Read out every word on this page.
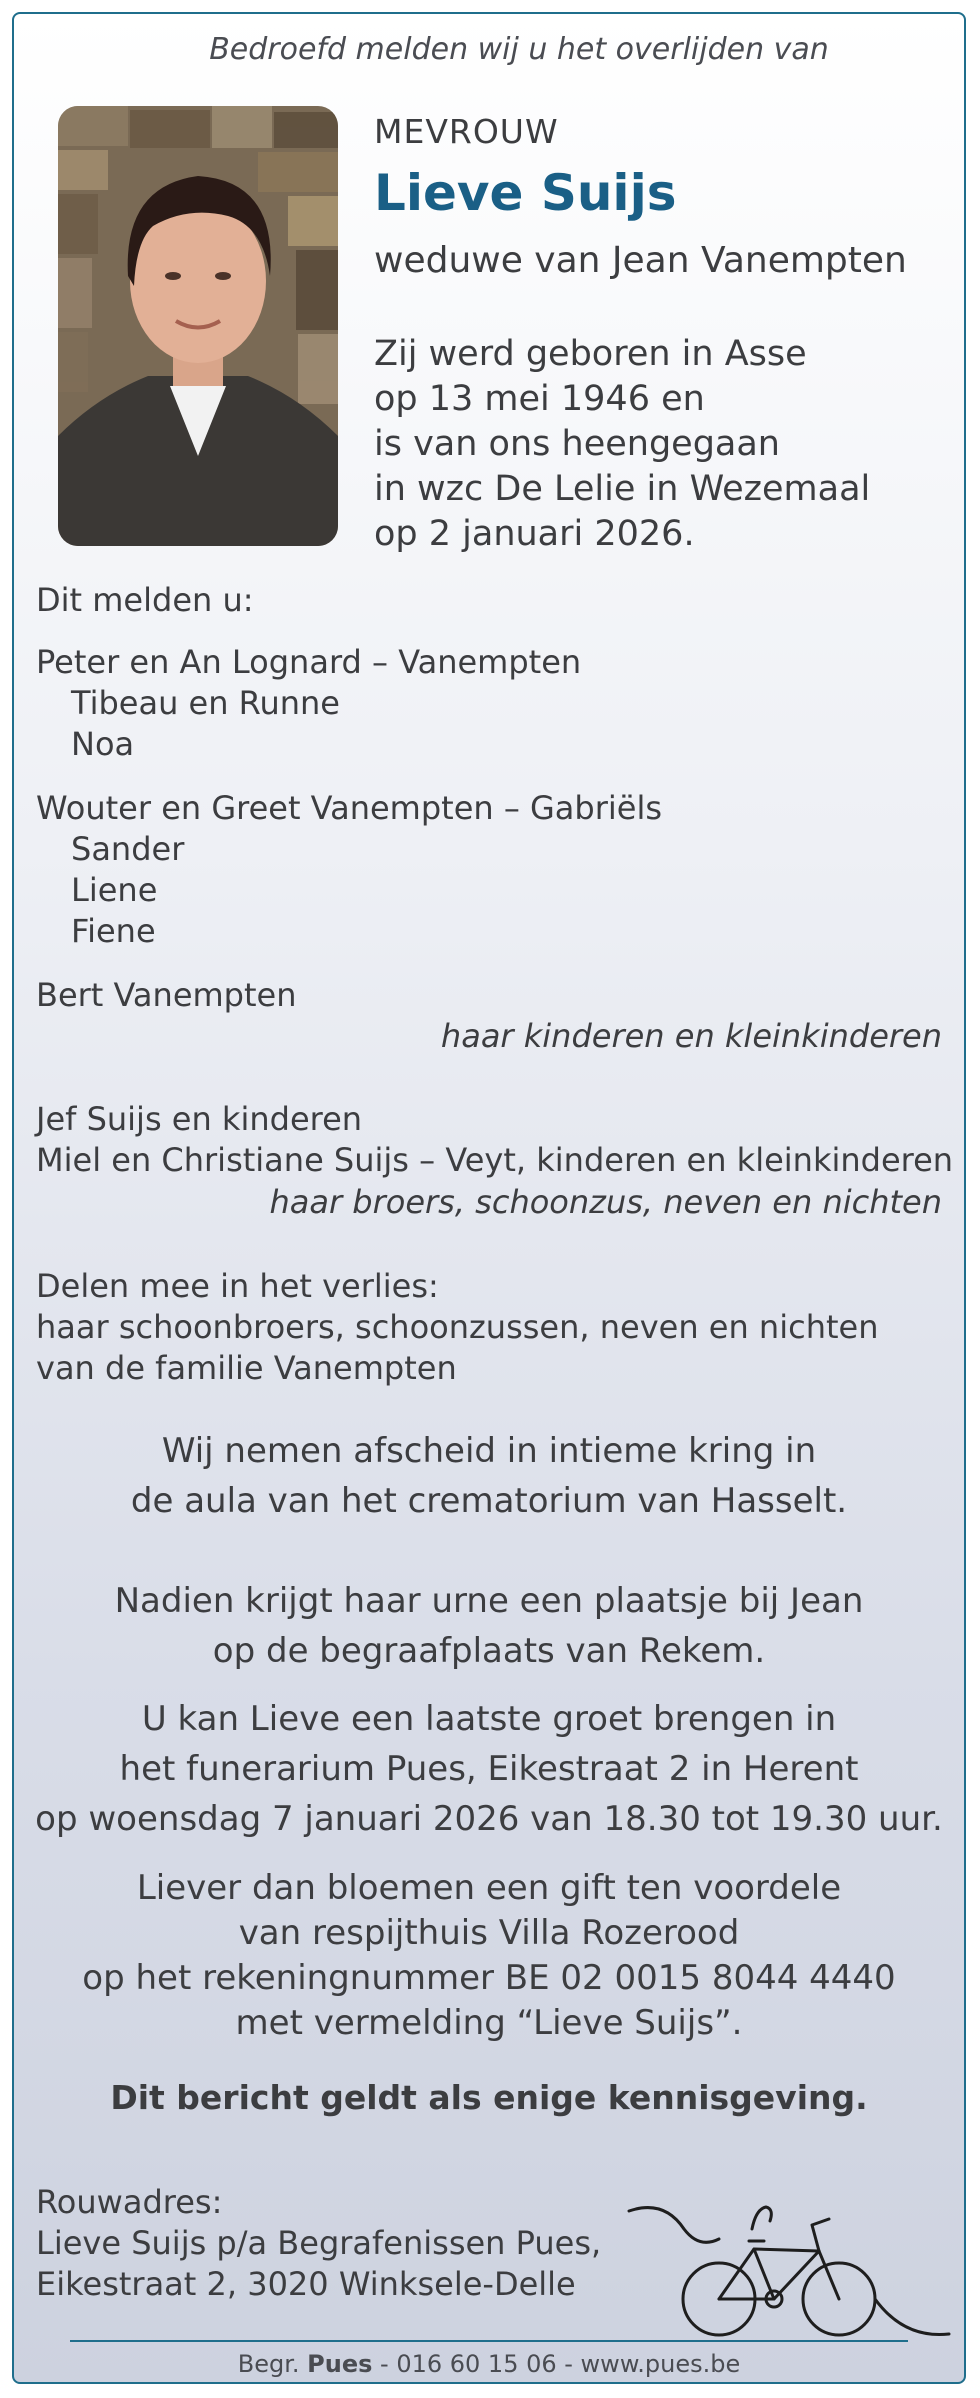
Bedroefd melden wij u het overlijden van
MEVROUW
Lieve Suijs
weduwe van Jean Vanempten
Zij werd geboren in Asse
op 13 mei 1946 en
is van ons heengegaan
in wzc De Lelie in Wezemaal
op 2 januari 2026.
Dit melden u:
Peter en An Lognard – Vanempten
Tibeau en Runne
Noa
Wouter en Greet Vanempten – Gabriëls
Sander
Liene
Fiene
Bert Vanempten
haar kinderen en kleinkinderen
Jef Suijs en kinderen
Miel en Christiane Suijs – Veyt, kinderen en kleinkinderen
haar broers, schoonzus, neven en nichten
Delen mee in het verlies:
haar schoonbroers, schoonzussen, neven en nichten
van de familie Vanempten
Wij nemen afscheid in intieme kring in
de aula van het crematorium van Hasselt.
Nadien krijgt haar urne een plaatsje bij Jean
op de begraafplaats van Rekem.
U kan Lieve een laatste groet brengen in
het funerarium Pues, Eikestraat 2 in Herent
op woensdag 7 januari 2026 van 18.30 tot 19.30 uur.
Liever dan bloemen een gift ten voordele
van respijthuis Villa Rozerood
op het rekeningnummer BE 02 0015 8044 4440
met vermelding “Lieve Suijs”.
Dit bericht geldt als enige kennisgeving.
Rouwadres:
Lieve Suijs p/a Begrafenissen Pues,
Eikestraat 2, 3020 Winksele-Delle
Begr. Pues - 016 60 15 06 - www.pues.be
